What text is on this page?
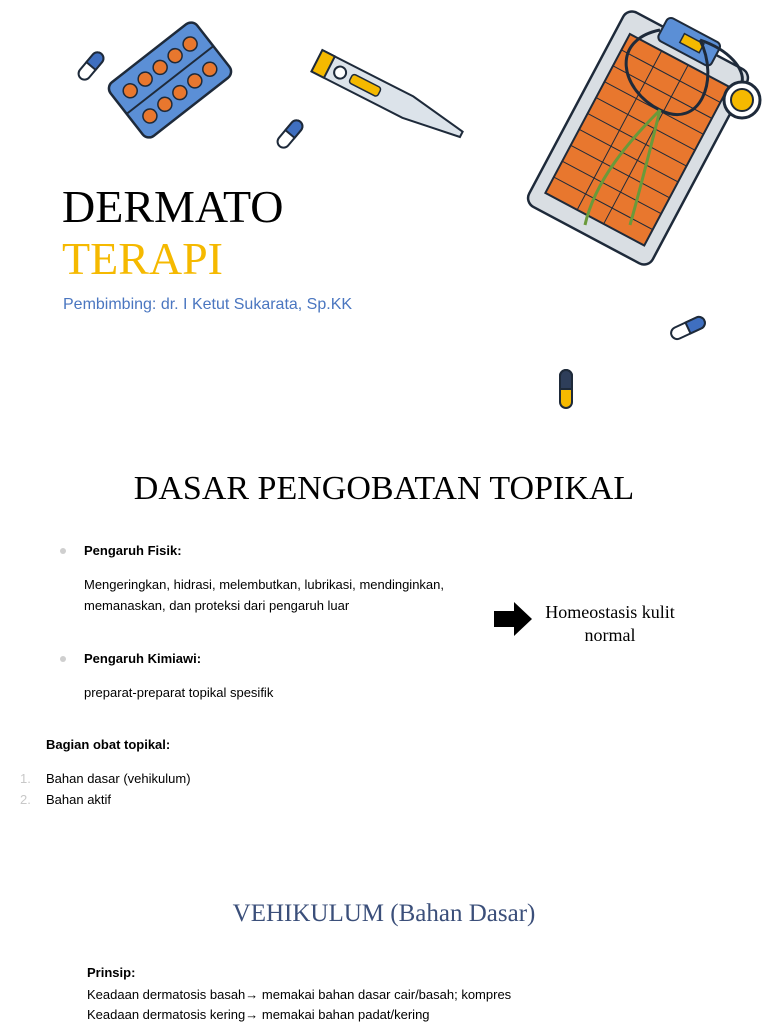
DERMATO
TERAPI
Pembimbing: dr. I Ketut Sukarata, Sp.KK
DASAR PENGOBATAN TOPIKAL
Pengaruh Fisik:
Mengeringkan, hidrasi, melembutkan, lubrikasi, mendinginkan, memanaskan, dan proteksi dari pengaruh luar
Pengaruh Kimiawi:
preparat-preparat topikal spesifik
Homeostasis kulit normal
Bagian obat topikal:
1. Bahan dasar (vehikulum)
2. Bahan aktif
VEHIKULUM (Bahan Dasar)
Prinsip:
Keadaan dermatosis basah→ memakai bahan dasar cair/basah; kompres
Keadaan dermatosis kering→ memakai bahan padat/kering
